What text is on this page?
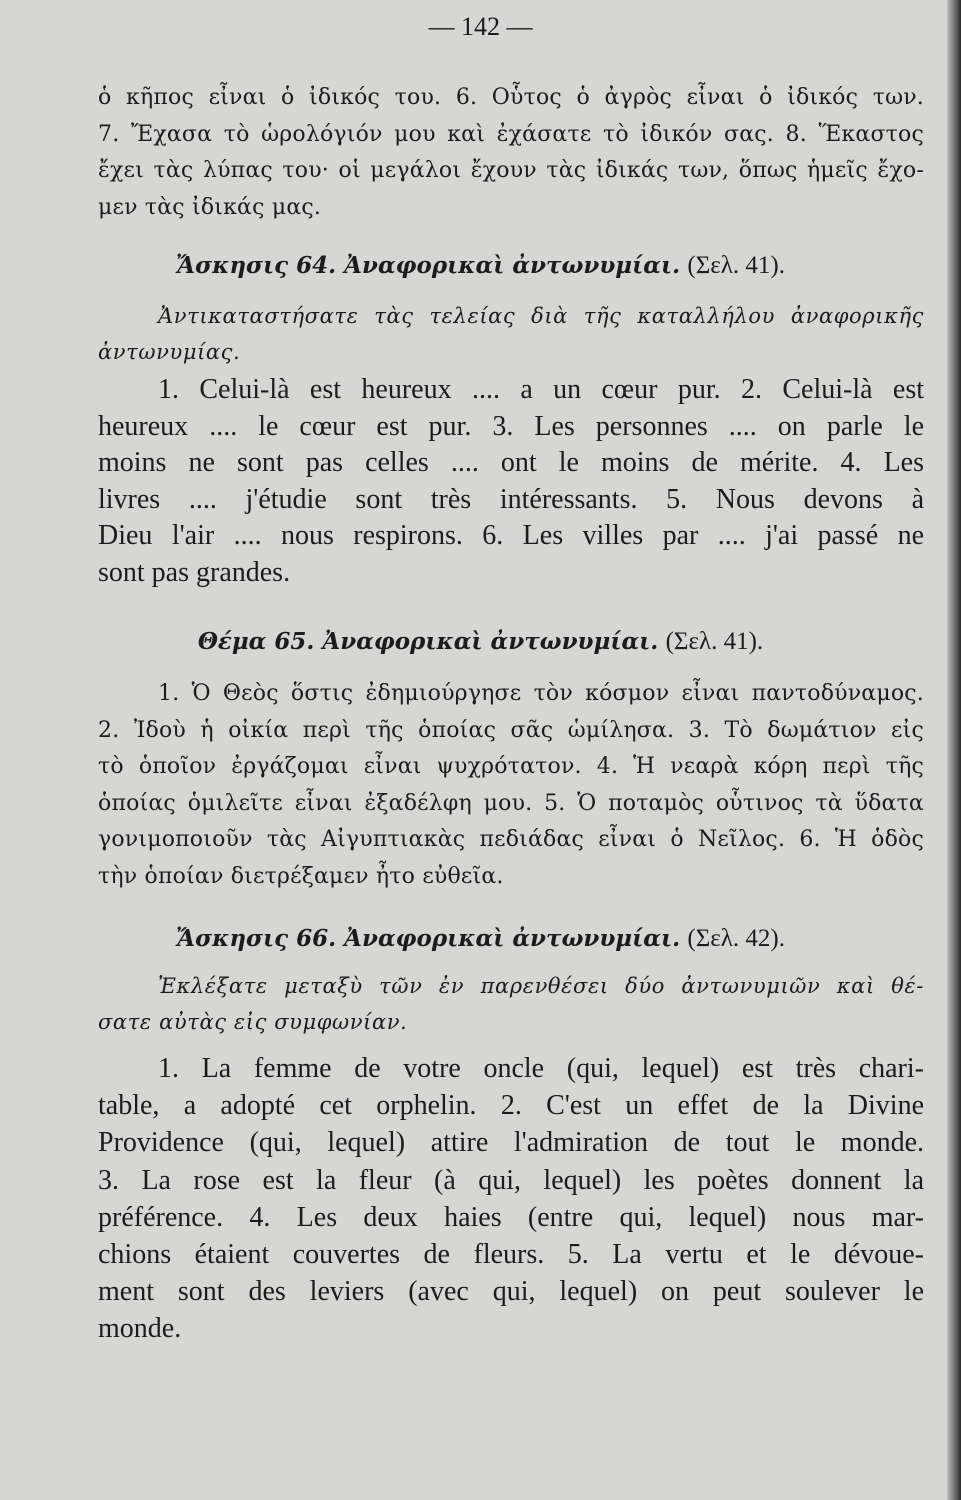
— 142 —
ὁ κῆπος εἶναι ὁ ἰδικός του. 6. Οὗτος ὁ ἀγρὸς εἶναι ὁ ἰδικός των.
7. Ἔχασα τὸ ὡρολόγιόν μου καὶ ἐχάσατε τὸ ἰδικόν σας. 8. Ἕκαστος
ἔχει τὰς λύπας του· οἱ μεγάλοι ἔχουν τὰς ἰδικάς των, ὅπως ἡμεῖς ἔχο-
μεν τὰς ἰδικάς μας.
Ἄσκησις 64. Ἀναφορικαὶ ἀντωνυμίαι. (Σελ. 41).
Ἀντικαταστήσατε τὰς τελείας διὰ τῆς καταλλήλου ἀναφορικῆς
ἀντωνυμίας.
1. Celui-là est heureux .... a un cœur pur. 2. Celui-là est
heureux .... le cœur est pur. 3. Les personnes .... on parle le
moins ne sont pas celles .... ont le moins de mérite. 4. Les
livres .... j'étudie sont très intéressants. 5. Nous devons à
Dieu l'air .... nous respirons. 6. Les villes par .... j'ai passé ne
sont pas grandes.
Θέμα 65. Ἀναφορικαὶ ἀντωνυμίαι. (Σελ. 41).
1. Ὁ Θεὸς ὅστις ἐδημιούργησε τὸν κόσμον εἶναι παντοδύναμος.
2. Ἰδοὺ ἡ οἰκία περὶ τῆς ὁποίας σᾶς ὡμίλησα. 3. Τὸ δωμάτιον εἰς
τὸ ὁποῖον ἐργάζομαι εἶναι ψυχρότατον. 4. Ἡ νεαρὰ κόρη περὶ τῆς
ὁποίας ὁμιλεῖτε εἶναι ἐξαδέλφη μου. 5. Ὁ ποταμὸς οὗτινος τὰ ὕδατα
γονιμοποιοῦν τὰς Αἰγυπτιακὰς πεδιάδας εἶναι ὁ Νεῖλος. 6. Ἡ ὁδὸς
τὴν ὁποίαν διετρέξαμεν ἦτο εὐθεῖα.
Ἄσκησις 66. Ἀναφορικαὶ ἀντωνυμίαι. (Σελ. 42).
Ἐκλέξατε μεταξὺ τῶν ἐν παρενθέσει δύο ἀντωνυμιῶν καὶ θέ-
σατε αὐτὰς εἰς συμφωνίαν.
1. La femme de votre oncle (qui, lequel) est très chari-
table, a adopté cet orphelin. 2. C'est un effet de la Divine
Providence (qui, lequel) attire l'admiration de tout le monde.
3. La rose est la fleur (à qui, lequel) les poètes donnent la
préférence. 4. Les deux haies (entre qui, lequel) nous mar-
chions étaient couvertes de fleurs. 5. La vertu et le dévoue-
ment sont des leviers (avec qui, lequel) on peut soulever le
monde.
